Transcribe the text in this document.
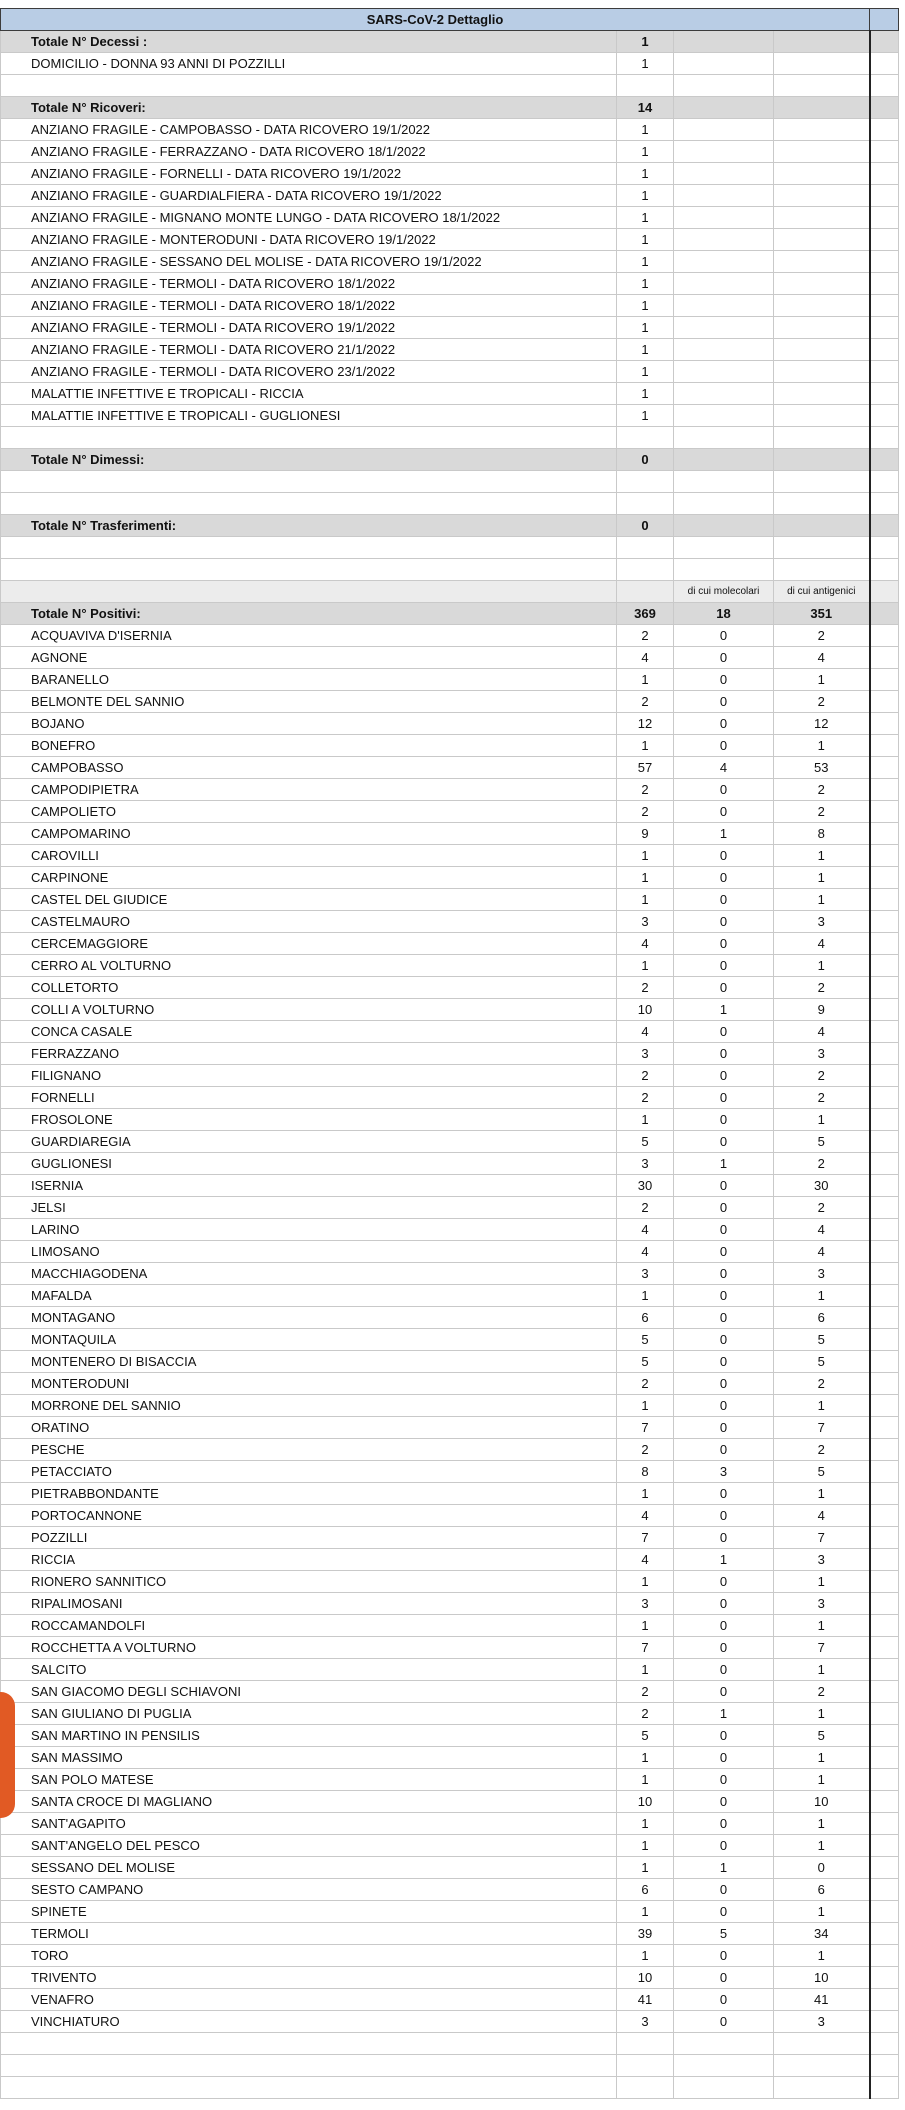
SARS-CoV-2 Dettaglio				
Totale N° Decessi :	1			
DOMICILIO - DONNA 93 ANNI DI POZZILLI	1			

Totale N° Ricoveri:	14			
ANZIANO FRAGILE - CAMPOBASSO - DATA RICOVERO 19/1/2022	1			
ANZIANO FRAGILE - FERRAZZANO - DATA RICOVERO 18/1/2022	1			
ANZIANO FRAGILE - FORNELLI - DATA RICOVERO 19/1/2022	1			
ANZIANO FRAGILE - GUARDIALFIERA - DATA RICOVERO 19/1/2022	1			
ANZIANO FRAGILE - MIGNANO MONTE LUNGO - DATA RICOVERO 18/1/2022	1			
ANZIANO FRAGILE - MONTERODUNI - DATA RICOVERO 19/1/2022	1			
ANZIANO FRAGILE - SESSANO DEL MOLISE - DATA RICOVERO 19/1/2022	1			
ANZIANO FRAGILE - TERMOLI - DATA RICOVERO 18/1/2022	1			
ANZIANO FRAGILE - TERMOLI - DATA RICOVERO 18/1/2022	1			
ANZIANO FRAGILE - TERMOLI - DATA RICOVERO 19/1/2022	1			
ANZIANO FRAGILE - TERMOLI - DATA RICOVERO 21/1/2022	1			
ANZIANO FRAGILE - TERMOLI - DATA RICOVERO 23/1/2022	1			
MALATTIE INFETTIVE E TROPICALI - RICCIA	1			
MALATTIE INFETTIVE E TROPICALI - GUGLIONESI	1			

Totale N° Dimessi:	0			

Totale N° Trasferimenti:	0			

		di cui molecolari	di cui antigenici	
Totale N° Positivi:	369	18	351	
ACQUAVIVA D'ISERNIA	2	0	2	
AGNONE	4	0	4	
BARANELLO	1	0	1	
BELMONTE DEL SANNIO	2	0	2	
BOJANO	12	0	12	
BONEFRO	1	0	1	
CAMPOBASSO	57	4	53	
CAMPODIPIETRA	2	0	2	
CAMPOLIETO	2	0	2	
CAMPOMARINO	9	1	8	
CAROVILLI	1	0	1	
CARPINONE	1	0	1	
CASTEL DEL GIUDICE	1	0	1	
CASTELMAURO	3	0	3	
CERCEMAGGIORE	4	0	4	
CERRO AL VOLTURNO	1	0	1	
COLLETORTO	2	0	2	
COLLI A VOLTURNO	10	1	9	
CONCA CASALE	4	0	4	
FERRAZZANO	3	0	3	
FILIGNANO	2	0	2	
FORNELLI	2	0	2	
FROSOLONE	1	0	1	
GUARDIAREGIA	5	0	5	
GUGLIONESI	3	1	2	
ISERNIA	30	0	30	
JELSI	2	0	2	
LARINO	4	0	4	
LIMOSANO	4	0	4	
MACCHIAGODENA	3	0	3	
MAFALDA	1	0	1	
MONTAGANO	6	0	6	
MONTAQUILA	5	0	5	
MONTENERO DI BISACCIA	5	0	5	
MONTERODUNI	2	0	2	
MORRONE DEL SANNIO	1	0	1	
ORATINO	7	0	7	
PESCHE	2	0	2	
PETACCIATO	8	3	5	
PIETRABBONDANTE	1	0	1	
PORTOCANNONE	4	0	4	
POZZILLI	7	0	7	
RICCIA	4	1	3	
RIONERO SANNITICO	1	0	1	
RIPALIMOSANI	3	0	3	
ROCCAMANDOLFI	1	0	1	
ROCCHETTA A VOLTURNO	7	0	7	
SALCITO	1	0	1	
SAN GIACOMO DEGLI SCHIAVONI	2	0	2	
SAN GIULIANO DI PUGLIA	2	1	1	
SAN MARTINO IN PENSILIS	5	0	5	
SAN MASSIMO	1	0	1	
SAN POLO MATESE	1	0	1	
SANTA CROCE DI MAGLIANO	10	0	10	
SANT'AGAPITO	1	0	1	
SANT'ANGELO DEL PESCO	1	0	1	
SESSANO DEL MOLISE	1	1	0	
SESTO CAMPANO	6	0	6	
SPINETE	1	0	1	
TERMOLI	39	5	34	
TORO	1	0	1	
TRIVENTO	10	0	10	
VENAFRO	41	0	41	
VINCHIATURO	3	0	3	
